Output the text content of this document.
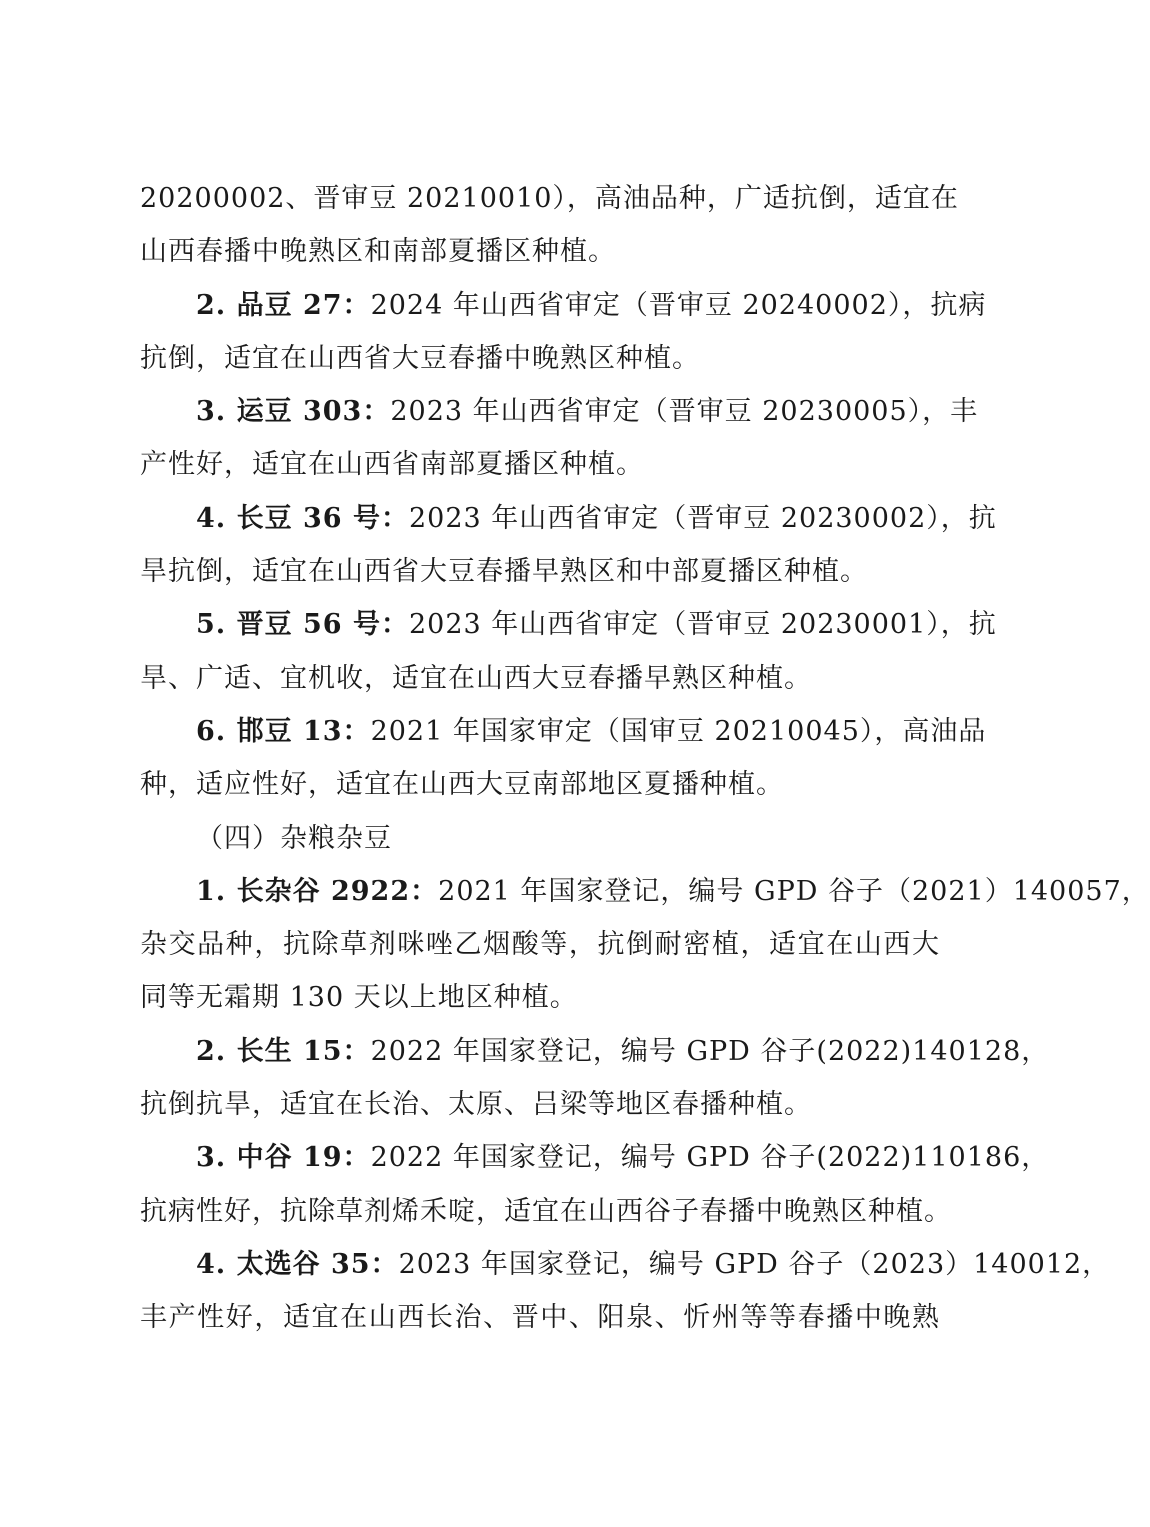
20200002、晋审豆 20210010），高油品种，广适抗倒，适宜在
山西春播中晚熟区和南部夏播区种植。
2. 品豆 27：2024 年山西省审定（晋审豆 20240002），抗病
抗倒，适宜在山西省大豆春播中晚熟区种植。
3. 运豆 303：2023 年山西省审定（晋审豆 20230005），丰
产性好，适宜在山西省南部夏播区种植。
4. 长豆 36 号：2023 年山西省审定（晋审豆 20230002），抗
旱抗倒，适宜在山西省大豆春播早熟区和中部夏播区种植。
5. 晋豆 56 号：2023 年山西省审定（晋审豆 20230001），抗
旱、广适、宜机收，适宜在山西大豆春播早熟区种植。
6. 邯豆 13：2021 年国家审定（国审豆 20210045），高油品
种，适应性好，适宜在山西大豆南部地区夏播种植。
（四）杂粮杂豆
1. 长杂谷 2922：2021 年国家登记，编号 GPD 谷子（2021）140057，
杂交品种，抗除草剂咪唑乙烟酸等，抗倒耐密植，适宜在山西大
同等无霜期 130 天以上地区种植。
2. 长生 15：2022 年国家登记，编号 GPD 谷子(2022)140128，
抗倒抗旱，适宜在长治、太原、吕梁等地区春播种植。
3. 中谷 19：2022 年国家登记，编号 GPD 谷子(2022)110186，
抗病性好，抗除草剂烯禾啶，适宜在山西谷子春播中晚熟区种植。
4. 太选谷 35：2023 年国家登记，编号 GPD 谷子（2023）140012，
丰产性好，适宜在山西长治、晋中、阳泉、忻州等等春播中晚熟
